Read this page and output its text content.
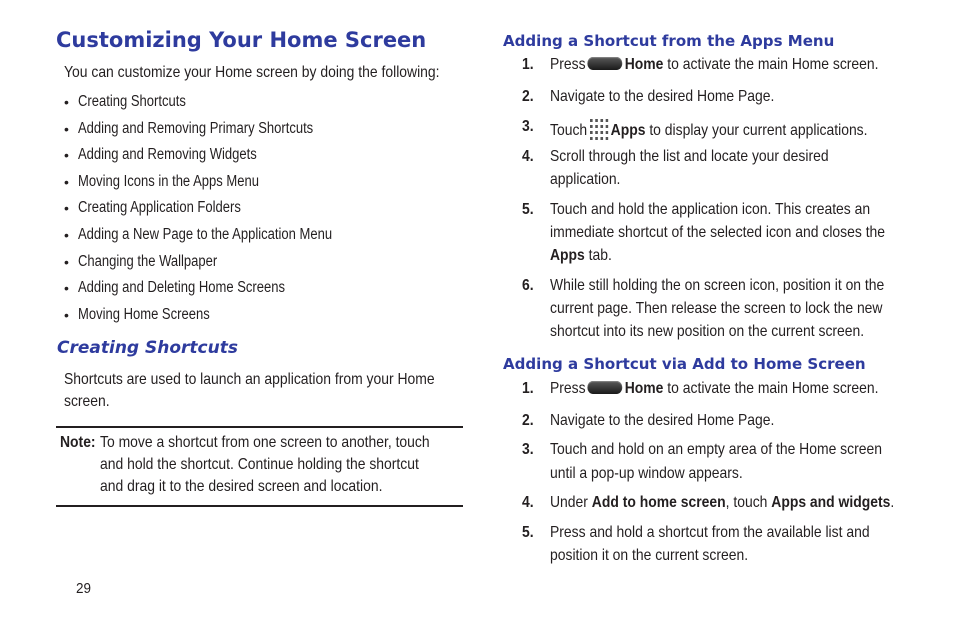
Customizing Your Home Screen
You can customize your Home screen by doing the following:
• Creating Shortcuts
• Adding and Removing Primary Shortcuts
• Adding and Removing Widgets
• Moving Icons in the Apps Menu
• Creating Application Folders
• Adding a New Page to the Application Menu
• Changing the Wallpaper
• Adding and Deleting Home Screens
• Moving Home Screens
Creating Shortcuts
Shortcuts are used to launch an application from your Home
screen.
Note: To move a shortcut from one screen to another, touch
and hold the shortcut. Continue holding the shortcut
and drag it to the desired screen and location.
29
Adding a Shortcut from the Apps Menu
1. Press Home to activate the main Home screen.
2. Navigate to the desired Home Page.
3. Touch Apps to display your current applications.
4. Scroll through the list and locate your desired
application.
5. Touch and hold the application icon. This creates an
immediate shortcut of the selected icon and closes the
Apps tab.
6. While still holding the on screen icon, position it on the
current page. Then release the screen to lock the new
shortcut into its new position on the current screen.
Adding a Shortcut via Add to Home Screen
1. Press Home to activate the main Home screen.
2. Navigate to the desired Home Page.
3. Touch and hold on an empty area of the Home screen
until a pop-up window appears.
4. Under Add to home screen, touch Apps and widgets.
5. Press and hold a shortcut from the available list and
position it on the current screen.
